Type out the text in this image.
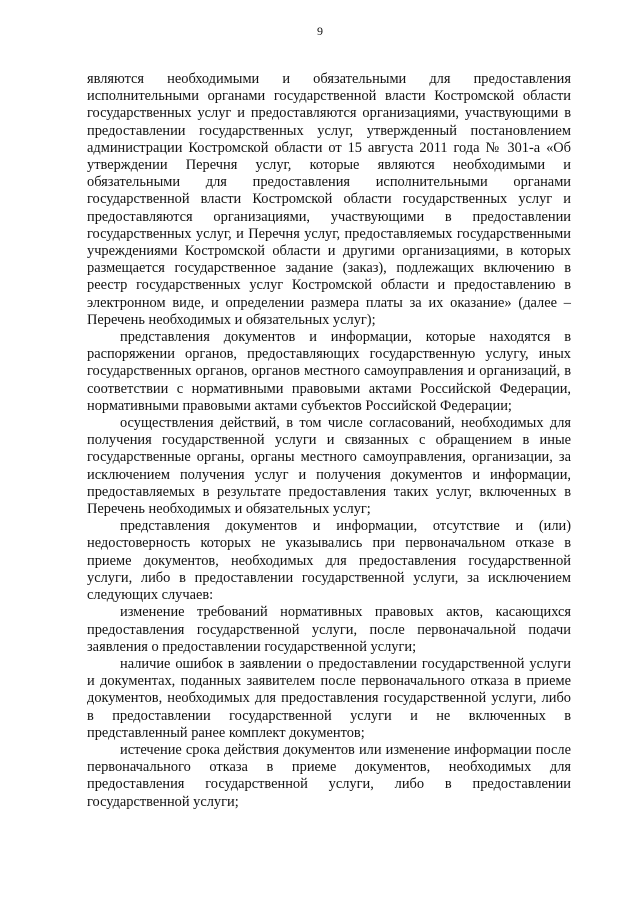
9

являются необходимыми и обязательными для предоставления исполнительными органами государственной власти Костромской области государственных услуг и предоставляются организациями, участвующими в предоставлении государственных услуг, утвержденный постановлением администрации Костромской области от 15 августа 2011 года № 301-а «Об утверждении Перечня услуг, которые являются необходимыми и обязательными для предоставления исполнительными органами государственной власти Костромской области государственных услуг и предоставляются организациями, участвующими в предоставлении государственных услуг, и Перечня услуг, предоставляемых государственными учреждениями Костромской области и другими организациями, в которых размещается государственное задание (заказ), подлежащих включению в реестр государственных услуг Костромской области и предоставлению в электронном виде, и определении размера платы за их оказание» (далее – Перечень необходимых и обязательных услуг);

представления документов и информации, которые находятся в распоряжении органов, предоставляющих государственную услугу, иных государственных органов, органов местного самоуправления и организаций, в соответствии с нормативными правовыми актами Российской Федерации, нормативными правовыми актами субъектов Российской Федерации;

осуществления действий, в том числе согласований, необходимых для получения государственной услуги и связанных с обращением в иные государственные органы, органы местного самоуправления, организации, за исключением получения услуг и получения документов и информации, предоставляемых в результате предоставления таких услуг, включенных в Перечень необходимых и обязательных услуг;

представления документов и информации, отсутствие и (или) недостоверность которых не указывались при первоначальном отказе в приеме документов, необходимых для предоставления государственной услуги, либо в предоставлении государственной услуги, за исключением следующих случаев:

изменение требований нормативных правовых актов, касающихся предоставления государственной услуги, после первоначальной подачи заявления о предоставлении государственной услуги;

наличие ошибок в заявлении о предоставлении государственной услуги и документах, поданных заявителем после первоначального отказа в приеме документов, необходимых для предоставления государственной услуги, либо в предоставлении государственной услуги и не включенных в представленный ранее комплект документов;

истечение срока действия документов или изменение информации после первоначального отказа в приеме документов, необходимых для предоставления государственной услуги, либо в предоставлении государственной услуги;
